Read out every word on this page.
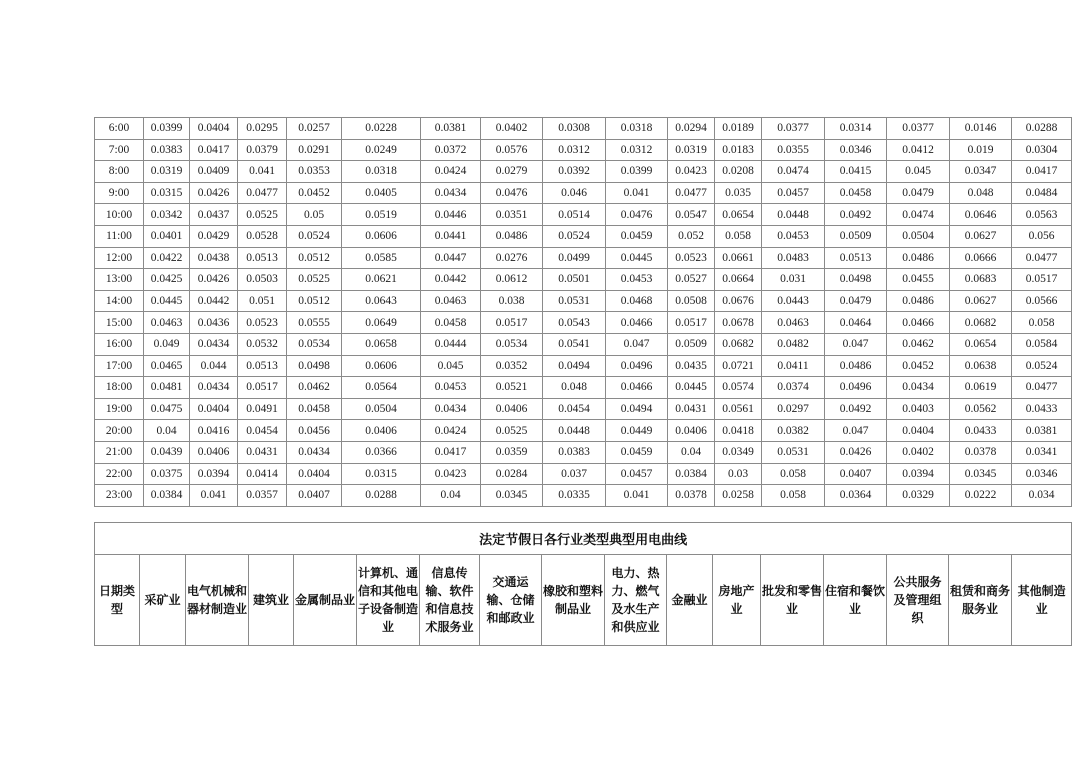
6:00	0.0399	0.0404	0.0295	0.0257	0.0228	0.0381	0.0402	0.0308	0.0318	0.0294	0.0189	0.0377	0.0314	0.0377	0.0146	0.0288
7:00	0.0383	0.0417	0.0379	0.0291	0.0249	0.0372	0.0576	0.0312	0.0312	0.0319	0.0183	0.0355	0.0346	0.0412	0.019	0.0304
8:00	0.0319	0.0409	0.041	0.0353	0.0318	0.0424	0.0279	0.0392	0.0399	0.0423	0.0208	0.0474	0.0415	0.045	0.0347	0.0417
9:00	0.0315	0.0426	0.0477	0.0452	0.0405	0.0434	0.0476	0.046	0.041	0.0477	0.035	0.0457	0.0458	0.0479	0.048	0.0484
10:00	0.0342	0.0437	0.0525	0.05	0.0519	0.0446	0.0351	0.0514	0.0476	0.0547	0.0654	0.0448	0.0492	0.0474	0.0646	0.0563
11:00	0.0401	0.0429	0.0528	0.0524	0.0606	0.0441	0.0486	0.0524	0.0459	0.052	0.058	0.0453	0.0509	0.0504	0.0627	0.056
12:00	0.0422	0.0438	0.0513	0.0512	0.0585	0.0447	0.0276	0.0499	0.0445	0.0523	0.0661	0.0483	0.0513	0.0486	0.0666	0.0477
13:00	0.0425	0.0426	0.0503	0.0525	0.0621	0.0442	0.0612	0.0501	0.0453	0.0527	0.0664	0.031	0.0498	0.0455	0.0683	0.0517
14:00	0.0445	0.0442	0.051	0.0512	0.0643	0.0463	0.038	0.0531	0.0468	0.0508	0.0676	0.0443	0.0479	0.0486	0.0627	0.0566
15:00	0.0463	0.0436	0.0523	0.0555	0.0649	0.0458	0.0517	0.0543	0.0466	0.0517	0.0678	0.0463	0.0464	0.0466	0.0682	0.058
16:00	0.049	0.0434	0.0532	0.0534	0.0658	0.0444	0.0534	0.0541	0.047	0.0509	0.0682	0.0482	0.047	0.0462	0.0654	0.0584
17:00	0.0465	0.044	0.0513	0.0498	0.0606	0.045	0.0352	0.0494	0.0496	0.0435	0.0721	0.0411	0.0486	0.0452	0.0638	0.0524
18:00	0.0481	0.0434	0.0517	0.0462	0.0564	0.0453	0.0521	0.048	0.0466	0.0445	0.0574	0.0374	0.0496	0.0434	0.0619	0.0477
19:00	0.0475	0.0404	0.0491	0.0458	0.0504	0.0434	0.0406	0.0454	0.0494	0.0431	0.0561	0.0297	0.0492	0.0403	0.0562	0.0433
20:00	0.04	0.0416	0.0454	0.0456	0.0406	0.0424	0.0525	0.0448	0.0449	0.0406	0.0418	0.0382	0.047	0.0404	0.0433	0.0381
21:00	0.0439	0.0406	0.0431	0.0434	0.0366	0.0417	0.0359	0.0383	0.0459	0.04	0.0349	0.0531	0.0426	0.0402	0.0378	0.0341
22:00	0.0375	0.0394	0.0414	0.0404	0.0315	0.0423	0.0284	0.037	0.0457	0.0384	0.03	0.058	0.0407	0.0394	0.0345	0.0346
23:00	0.0384	0.041	0.0357	0.0407	0.0288	0.04	0.0345	0.0335	0.041	0.0378	0.0258	0.058	0.0364	0.0329	0.0222	0.034
法定节假日各行业类型典型用电曲线
日期类型	采矿业	电气机械和器材制造业	建筑业	金属制品业	计算机、通信和其他电子设备制造业	信息传输、软件和信息技术服务业	交通运输、仓储和邮政业	橡胶和塑料制品业	电力、热力、燃气及水生产和供应业	金融业	房地产业	批发和零售业	住宿和餐饮业	公共服务及管理组织	租赁和商务服务业	其他制造业
